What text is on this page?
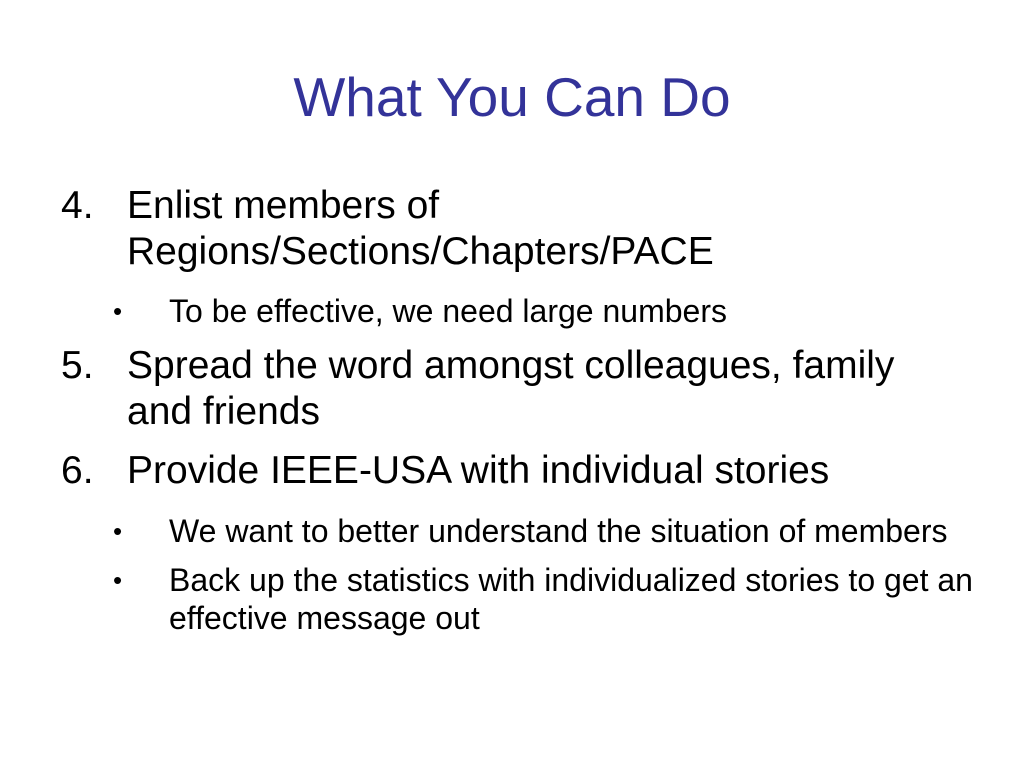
What You Can Do
4. Enlist members of Regions/Sections/Chapters/PACE
• To be effective, we need large numbers
5. Spread the word amongst colleagues, family and friends
6. Provide IEEE-USA with individual stories
• We want to better understand the situation of members
• Back up the statistics with individualized stories to get an effective message out
